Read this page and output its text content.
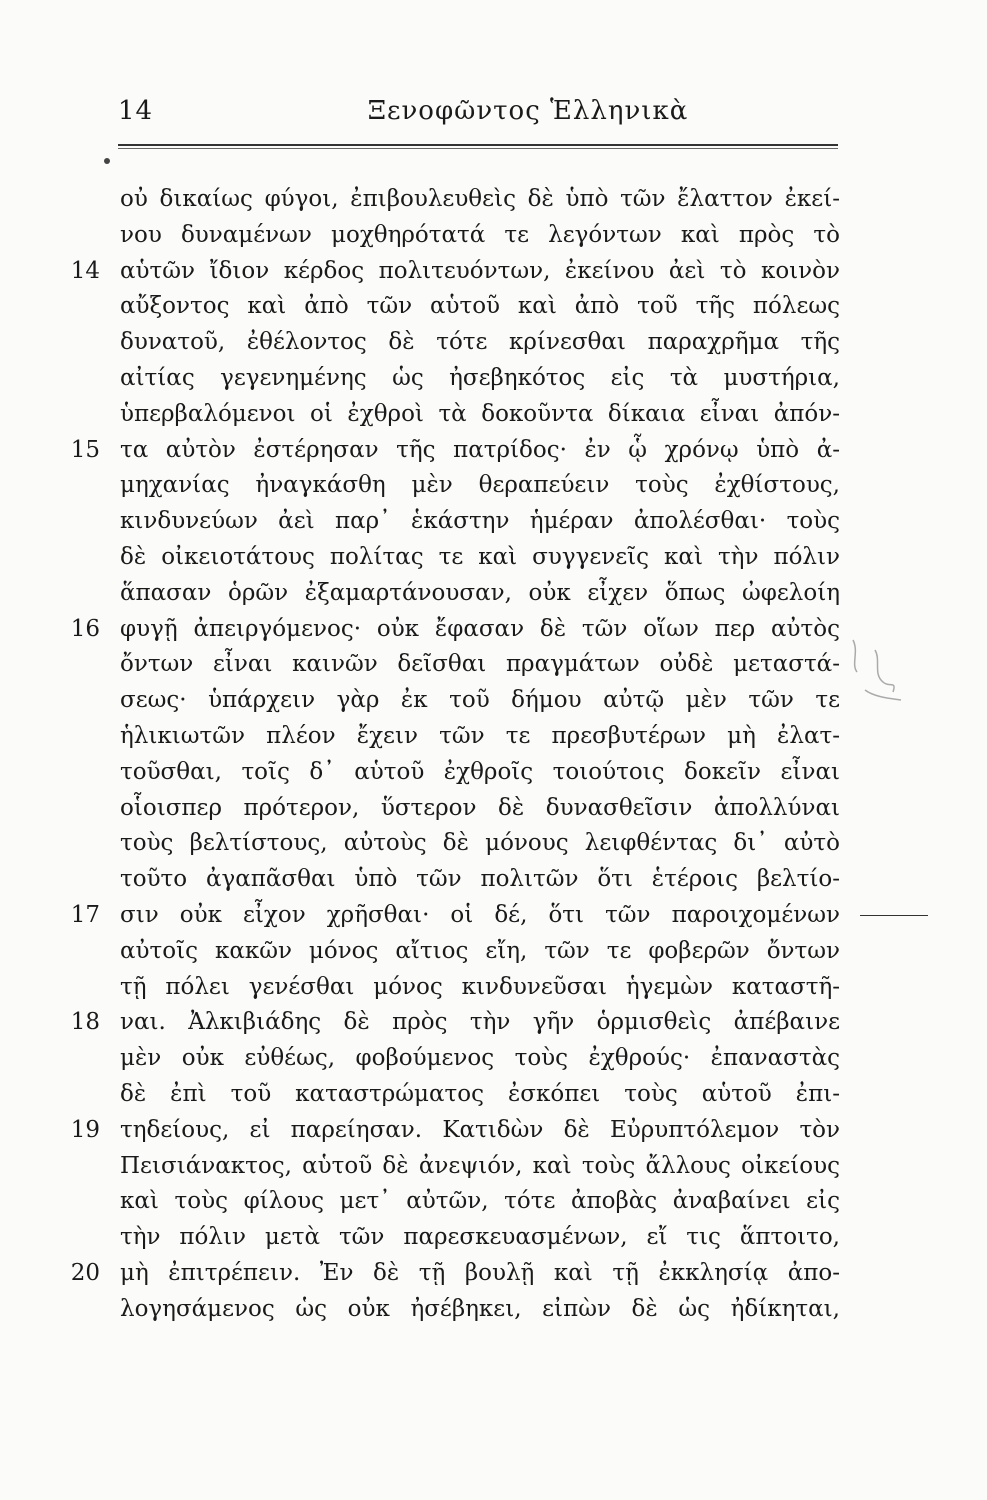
14	Ξενοφῶντος Ἑλληνικὰ
οὐ δικαίως φύγοι, ἐπιβουλευθεὶς δὲ ὑπὸ τῶν ἔλαττον ἐκεί-
νου δυναμένων μοχθηρότατά τε λεγόντων καὶ πρὸς τὸ
14 αὑτῶν ἴδιον κέρδος πολιτευόντων, ἐκείνου ἀεὶ τὸ κοινὸν
αὔξοντος καὶ ἀπὸ τῶν αὑτοῦ καὶ ἀπὸ τοῦ τῆς πόλεως
δυνατοῦ, ἐθέλοντος δὲ τότε κρίνεσθαι παραχρῆμα τῆς
αἰτίας γεγενημένης ὡς ἠσεβηκότος εἰς τὰ μυστήρια,
ὑπερβαλόμενοι οἱ ἐχθροὶ τὰ δοκοῦντα δίκαια εἶναι ἀπόν-
15 τα αὐτὸν ἐστέρησαν τῆς πατρίδος· ἐν ᾧ χρόνῳ ὑπὸ ἀ-
μηχανίας ἠναγκάσθη μὲν θεραπεύειν τοὺς ἐχθίστους,
κινδυνεύων ἀεὶ παρ᾽ ἑκάστην ἡμέραν ἀπολέσθαι· τοὺς
δὲ οἰκειοτάτους πολίτας τε καὶ συγγενεῖς καὶ τὴν πόλιν
ἅπασαν ὁρῶν ἐξαμαρτάνουσαν, οὐκ εἶχεν ὅπως ὠφελοίη
16 φυγῇ ἀπειργόμενος· οὐκ ἔφασαν δὲ τῶν οἵων περ αὐτὸς
ὄντων εἶναι καινῶν δεῖσθαι πραγμάτων οὐδὲ μεταστά-
σεως· ὑπάρχειν γὰρ ἐκ τοῦ δήμου αὐτῷ μὲν τῶν τε
ἡλικιωτῶν πλέον ἔχειν τῶν τε πρεσβυτέρων μὴ ἐλατ-
τοῦσθαι, τοῖς δ᾽ αὑτοῦ ἐχθροῖς τοιούτοις δοκεῖν εἶναι
οἷοισπερ πρότερον, ὕστερον δὲ δυνασθεῖσιν ἀπολλύναι
τοὺς βελτίστους, αὐτοὺς δὲ μόνους λειφθέντας δι᾽ αὐτὸ
τοῦτο ἀγαπᾶσθαι ὑπὸ τῶν πολιτῶν ὅτι ἑτέροις βελτίο-
17 σιν οὐκ εἶχον χρῆσθαι· οἱ δέ, ὅτι τῶν παροιχομένων
αὐτοῖς κακῶν μόνος αἴτιος εἴη, τῶν τε φοβερῶν ὄντων
τῇ πόλει γενέσθαι μόνος κινδυνεῦσαι ἡγεμὼν καταστῆ-
18 ναι. Ἀλκιβιάδης δὲ πρὸς τὴν γῆν ὁρμισθεὶς ἀπέβαινε
μὲν οὐκ εὐθέως, φοβούμενος τοὺς ἐχθρούς· ἐπαναστὰς
δὲ ἐπὶ τοῦ καταστρώματος ἐσκόπει τοὺς αὑτοῦ ἐπι-
19 τηδείους, εἰ παρείησαν. Κατιδὼν δὲ Εὐρυπτόλεμον τὸν
Πεισιάνακτος, αὑτοῦ δὲ ἀνεψιόν, καὶ τοὺς ἄλλους οἰκείους
καὶ τοὺς φίλους μετ᾽ αὐτῶν, τότε ἀποβὰς ἀναβαίνει εἰς
τὴν πόλιν μετὰ τῶν παρεσκευασμένων, εἴ τις ἅπτοιτο,
20 μὴ ἐπιτρέπειν. Ἐν δὲ τῇ βουλῇ καὶ τῇ ἐκκλησίᾳ ἀπο-
λογησάμενος ὡς οὐκ ἠσέβηκει, εἰπὼν δὲ ὡς ἠδίκηται,
